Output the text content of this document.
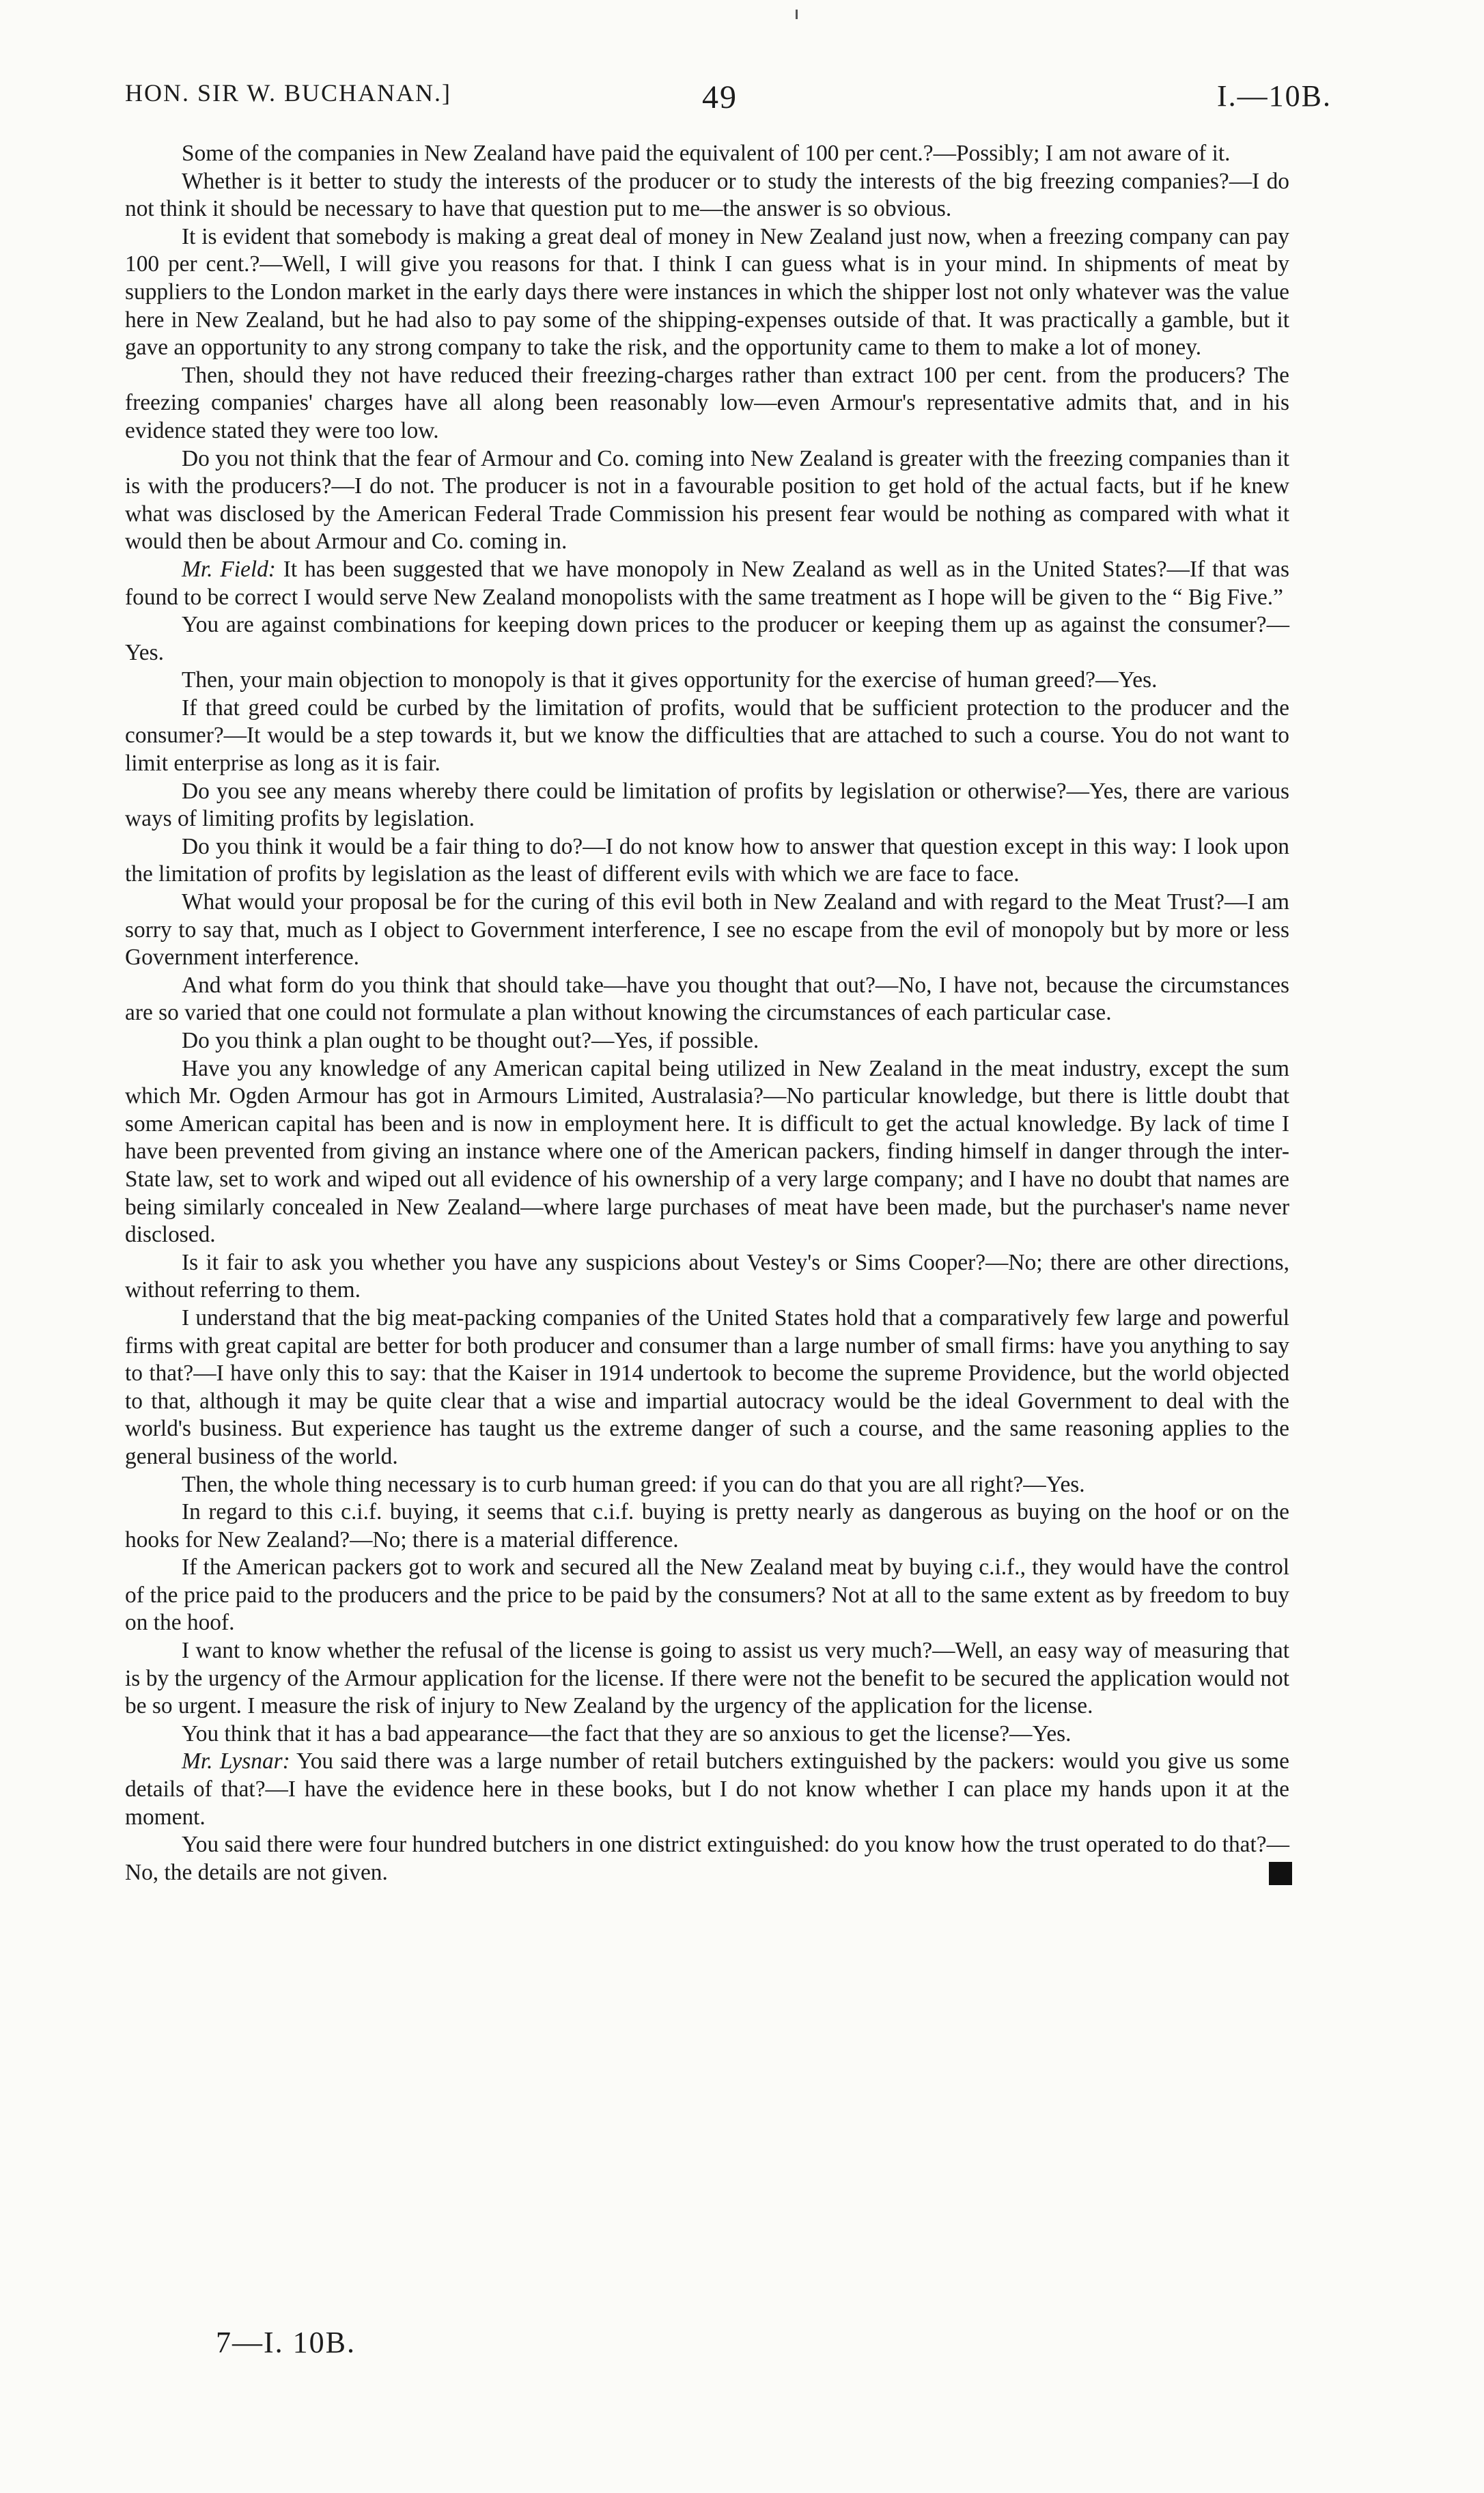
HON. SIR W. BUCHANAN.]	49	I.—10B.

Some of the companies in New Zealand have paid the equivalent of 100 per cent.?—Possibly; I am not aware of it.

Whether is it better to study the interests of the producer or to study the interests of the big freezing companies?—I do not think it should be necessary to have that question put to me—the answer is so obvious.

It is evident that somebody is making a great deal of money in New Zealand just now, when a freezing company can pay 100 per cent.?—Well, I will give you reasons for that. I think I can guess what is in your mind. In shipments of meat by suppliers to the London market in the early days there were instances in which the shipper lost not only whatever was the value here in New Zealand, but he had also to pay some of the shipping-expenses outside of that. It was practically a gamble, but it gave an opportunity to any strong company to take the risk, and the opportunity came to them to make a lot of money.

Then, should they not have reduced their freezing-charges rather than extract 100 per cent. from the producers? The freezing companies' charges have all along been reasonably low—even Armour's representative admits that, and in his evidence stated they were too low.

Do you not think that the fear of Armour and Co. coming into New Zealand is greater with the freezing companies than it is with the producers?—I do not. The producer is not in a favourable position to get hold of the actual facts, but if he knew what was disclosed by the American Federal Trade Commission his present fear would be nothing as compared with what it would then be about Armour and Co. coming in.

Mr. Field: It has been suggested that we have monopoly in New Zealand as well as in the United States?—If that was found to be correct I would serve New Zealand monopolists with the same treatment as I hope will be given to the “ Big Five.”

You are against combinations for keeping down prices to the producer or keeping them up as against the consumer?—Yes.

Then, your main objection to monopoly is that it gives opportunity for the exercise of human greed?—Yes.

If that greed could be curbed by the limitation of profits, would that be sufficient protection to the producer and the consumer?—It would be a step towards it, but we know the difficulties that are attached to such a course. You do not want to limit enterprise as long as it is fair.

Do you see any means whereby there could be limitation of profits by legislation or otherwise?—Yes, there are various ways of limiting profits by legislation.

Do you think it would be a fair thing to do?—I do not know how to answer that question except in this way: I look upon the limitation of profits by legislation as the least of different evils with which we are face to face.

What would your proposal be for the curing of this evil both in New Zealand and with regard to the Meat Trust?—I am sorry to say that, much as I object to Government interference, I see no escape from the evil of monopoly but by more or less Government interference.

And what form do you think that should take—have you thought that out?—No, I have not, because the circumstances are so varied that one could not formulate a plan without knowing the circumstances of each particular case.

Do you think a plan ought to be thought out?—Yes, if possible.

Have you any knowledge of any American capital being utilized in New Zealand in the meat industry, except the sum which Mr. Ogden Armour has got in Armours Limited, Australasia?—No particular knowledge, but there is little doubt that some American capital has been and is now in employment here. It is difficult to get the actual knowledge. By lack of time I have been prevented from giving an instance where one of the American packers, finding himself in danger through the inter-State law, set to work and wiped out all evidence of his ownership of a very large company; and I have no doubt that names are being similarly concealed in New Zealand—where large purchases of meat have been made, but the purchaser's name never disclosed.

Is it fair to ask you whether you have any suspicions about Vestey's or Sims Cooper?—No; there are other directions, without referring to them.

I understand that the big meat-packing companies of the United States hold that a comparatively few large and powerful firms with great capital are better for both producer and consumer than a large number of small firms: have you anything to say to that?—I have only this to say: that the Kaiser in 1914 undertook to become the supreme Providence, but the world objected to that, although it may be quite clear that a wise and impartial autocracy would be the ideal Government to deal with the world's business. But experience has taught us the extreme danger of such a course, and the same reasoning applies to the general business of the world.

Then, the whole thing necessary is to curb human greed: if you can do that you are all right?—Yes.

In regard to this c.i.f. buying, it seems that c.i.f. buying is pretty nearly as dangerous as buying on the hoof or on the hooks for New Zealand?—No; there is a material difference.

If the American packers got to work and secured all the New Zealand meat by buying c.i.f., they would have the control of the price paid to the producers and the price to be paid by the consumers? Not at all to the same extent as by freedom to buy on the hoof.

I want to know whether the refusal of the license is going to assist us very much?—Well, an easy way of measuring that is by the urgency of the Armour application for the license. If there were not the benefit to be secured the application would not be so urgent. I measure the risk of injury to New Zealand by the urgency of the application for the license.

You think that it has a bad appearance—the fact that they are so anxious to get the license?—Yes.

Mr. Lysnar: You said there was a large number of retail butchers extinguished by the packers: would you give us some details of that?—I have the evidence here in these books, but I do not know whether I can place my hands upon it at the moment.

You said there were four hundred butchers in one district extinguished: do you know how the trust operated to do that?—No, the details are not given.

7—I. 10B.
